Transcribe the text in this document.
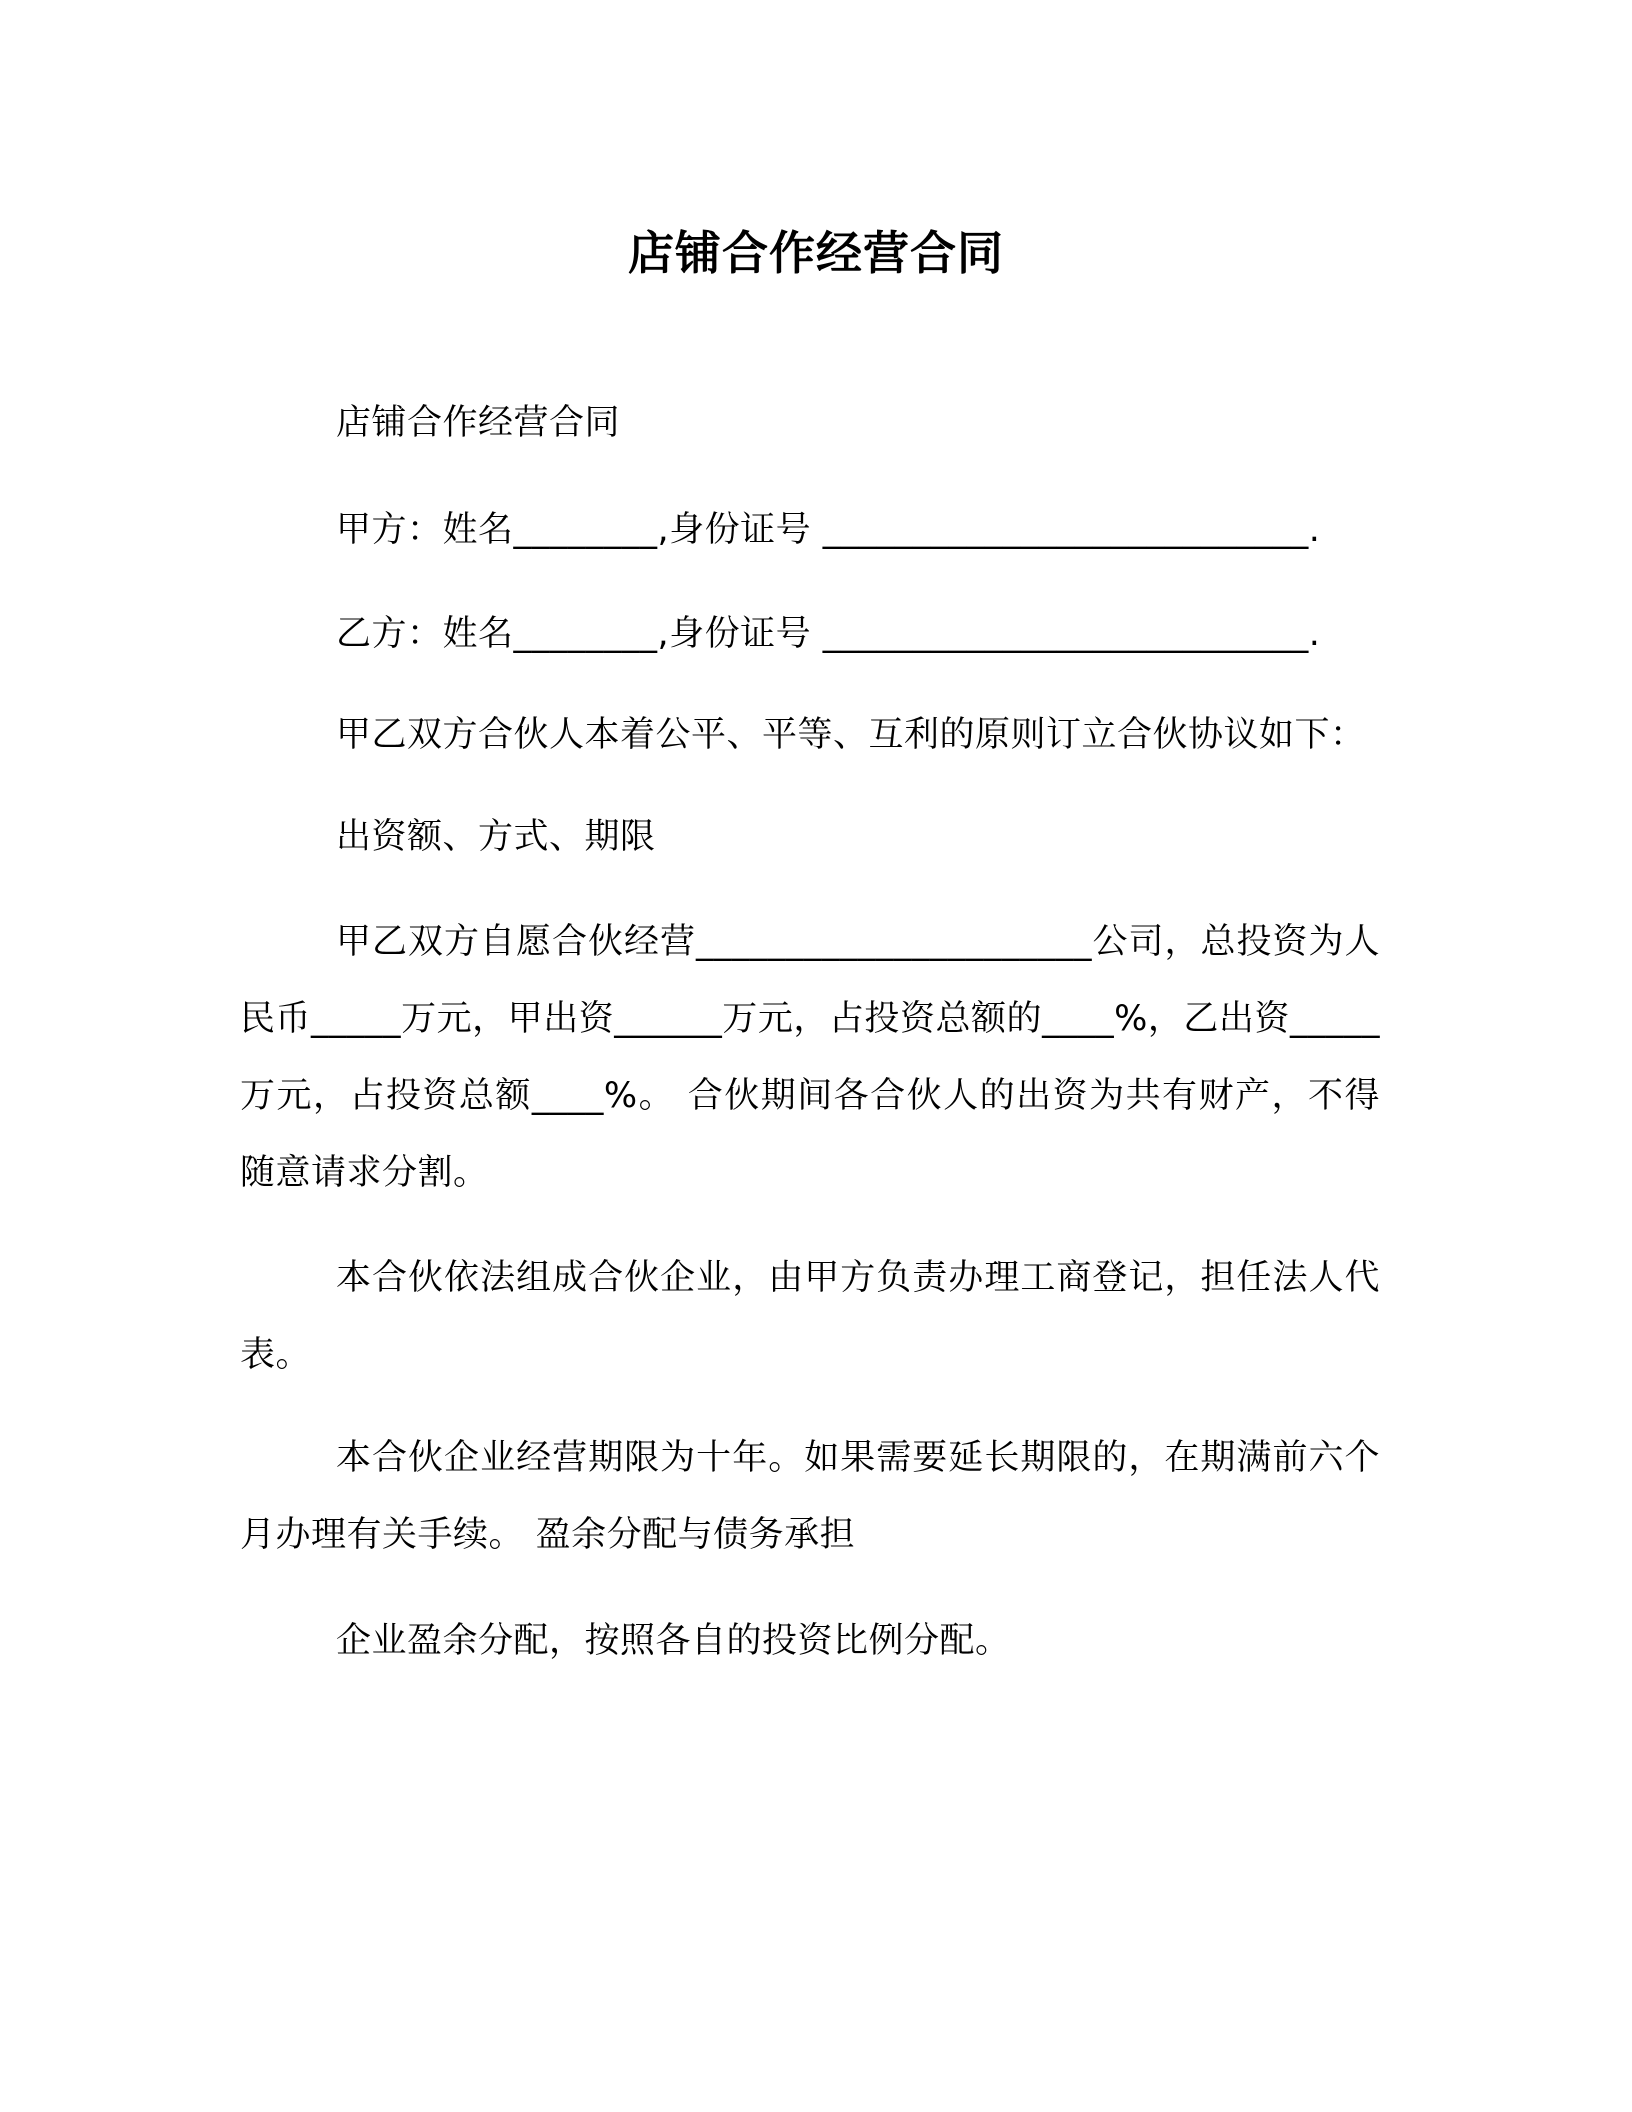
店铺合作经营合同
店铺合作经营合同
甲方：姓名________,身份证号 ___________________________.
乙方：姓名________,身份证号 ___________________________.
甲乙双方合伙人本着公平、平等、互利的原则订立合伙协议如下：
出资额、方式、期限
甲乙双方自愿合伙经营______________________公司，总投资为人民币_____万元，甲出资______万元，占投资总额的____%，乙出资_____万元，占投资总额____%。 合伙期间各合伙人的出资为共有财产，不得随意请求分割。
本合伙依法组成合伙企业，由甲方负责办理工商登记，担任法人代表。
本合伙企业经营期限为十年。如果需要延长期限的，在期满前六个月办理有关手续。 盈余分配与债务承担
企业盈余分配，按照各自的投资比例分配。
